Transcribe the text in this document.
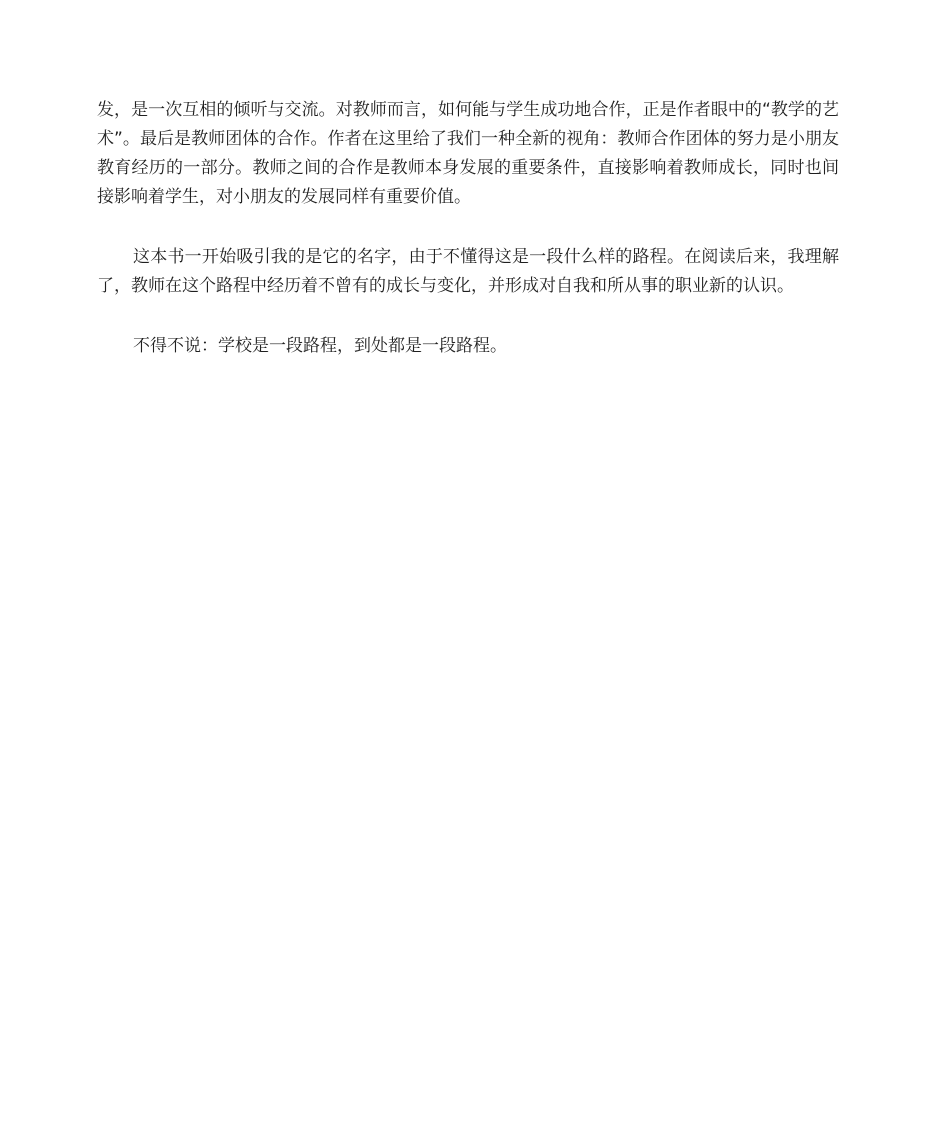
发，是一次互相的倾听与交流。对教师而言，如何能与学生成功地合作，正是作者眼中的“教学的艺术”。最后是教师团体的合作。作者在这里给了我们一种全新的视角：教师合作团体的努力是小朋友教育经历的一部分。教师之间的合作是教师本身发展的重要条件，直接影响着教师成长，同时也间接影响着学生，对小朋友的发展同样有重要价值。

这本书一开始吸引我的是它的名字，由于不懂得这是一段什么样的路程。在阅读后来，我理解了，教师在这个路程中经历着不曾有的成长与变化，并形成对自我和所从事的职业新的认识。

不得不说：学校是一段路程，到处都是一段路程。
